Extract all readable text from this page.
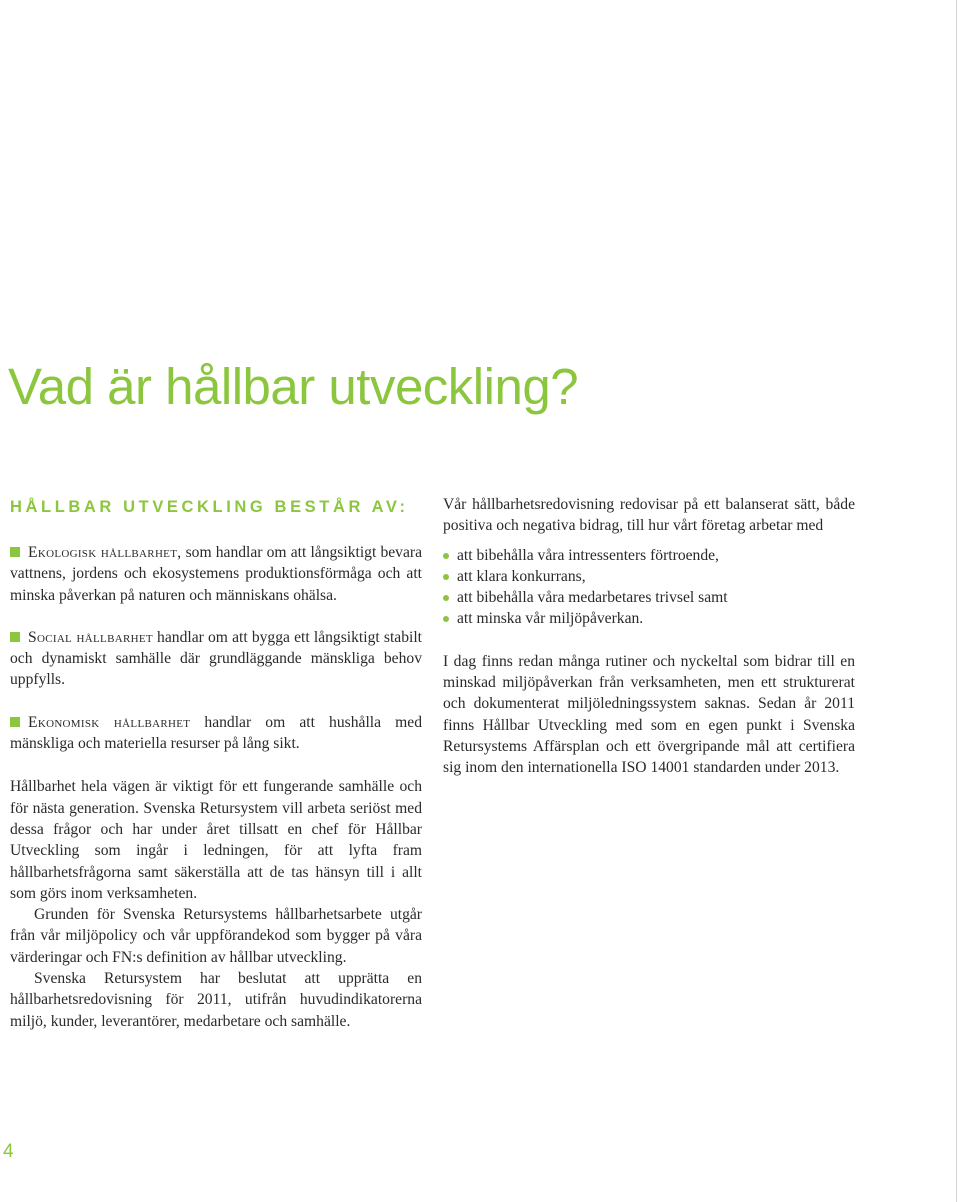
Vad är hållbar utveckling?
HÅLLBAR UTVECKLING BESTÅR AV:
Ekologisk hållbarhet, som handlar om att långsiktigt bevara vattnens, jordens och ekosystemens produktionsförmåga och att minska påverkan på naturen och människans ohälsa.
Social hållbarhet handlar om att bygga ett långsiktigt stabilt och dynamiskt samhälle där grundläggande mänskliga behov uppfylls.
Ekonomisk hållbarhet handlar om att hushålla med mänskliga och materiella resurser på lång sikt.

Hållbarhet hela vägen är viktigt för ett fungerande samhälle och för nästa generation. Svenska Retursystem vill arbeta seriöst med dessa frågor och har under året tillsatt en chef för Hållbar Utveckling som ingår i ledningen, för att lyfta fram hållbarhetsfrågorna samt säkerställa att de tas hänsyn till i allt som görs inom verksamheten.

Grunden för Svenska Retursystems hållbarhetsarbete utgår från vår miljöpolicy och vår uppförandekod som bygger på våra värderingar och FN:s definition av hållbar utveckling.

Svenska Retursystem har beslutat att upprätta en hållbarhetsredovisning för 2011, utifrån huvudindikatorerna miljö, kunder, leverantörer, medarbetare och samhälle.

Vår hållbarhetsredovisning redovisar på ett balanserat sätt, både positiva och negativa bidrag, till hur vårt företag arbetar med

att bibehålla våra intressenters förtroende,
att klara konkurrans,
att bibehålla våra medarbetares trivsel samt
att minska vår miljöpåverkan.

I dag finns redan många rutiner och nyckeltal som bidrar till en minskad miljöpåverkan från verksamheten, men ett strukturerat och dokumenterat miljöledningssystem saknas. Sedan år 2011 finns Hållbar Utveckling med som en egen punkt i Svenska Retursystems Affärsplan och ett övergripande mål att certifiera sig inom den internationella ISO 14001 standarden under 2013.

4
